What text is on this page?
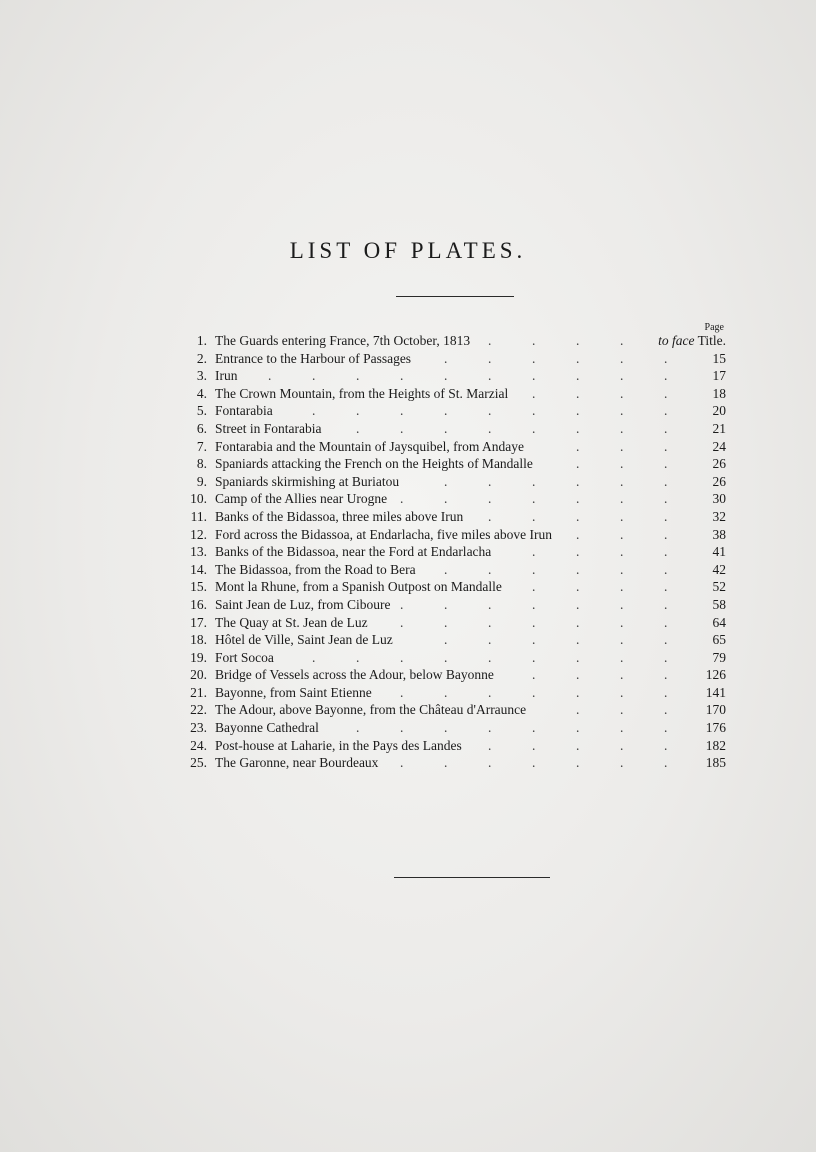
LIST OF PLATES.
Page
1. The Guards entering France, 7th October, 1813	to face Title.
.	.	.	.
2. Entrance to the Harbour of Passages	15
.	.	.	.	.	.
3. Irun	17
.	.	.	.	.	.	.	.	.	.
4. The Crown Mountain, from the Heights of St. Marzial	18
.	.	.	.
5. Fontarabia	20
.	.	.	.	.	.	.	.	.
6. Street in Fontarabia	21
.	.	.	.	.	.	.	.
7. Fontarabia and the Mountain of Jaysquibel, from Andaye	24
.	.	.
8. Spaniards attacking the French on the Heights of Mandalle	26
.	.	.
9. Spaniards skirmishing at Buriatou	26
.	.	.	.	.	.
10. Camp of the Allies near Urogne	30
.	.	.	.	.	.	.
11. Banks of the Bidassoa, three miles above Irun	32
.	.	.	.	.
12. Ford across the Bidassoa, at Endarlacha, five miles above Irun	38
.	.	.
13. Banks of the Bidassoa, near the Ford at Endarlacha	41
.	.	.	.
14. The Bidassoa, from the Road to Bera	42
.	.	.	.	.	.
15. Mont la Rhune, from a Spanish Outpost on Mandalle	52
.	.	.	.
16. Saint Jean de Luz, from Ciboure	58
.	.	.	.	.	.	.
17. The Quay at St. Jean de Luz	64
.	.	.	.	.	.	.
18. Hôtel de Ville, Saint Jean de Luz	65
.	.	.	.	.	.
19. Fort Socoa	79
.	.	.	.	.	.	.	.	.
20. Bridge of Vessels across the Adour, below Bayonne	126
.	.	.	.
21. Bayonne, from Saint Etienne	141
.	.	.	.	.	.	.
22. The Adour, above Bayonne, from the Château d'Arraunce	170
.	.	.
23. Bayonne Cathedral	176
.	.	.	.	.	.	.	.
24. Post-house at Laharie, in the Pays des Landes	182
.	.	.	.	.
25. The Garonne, near Bourdeaux	185
.	.	.	.	.	.	.
